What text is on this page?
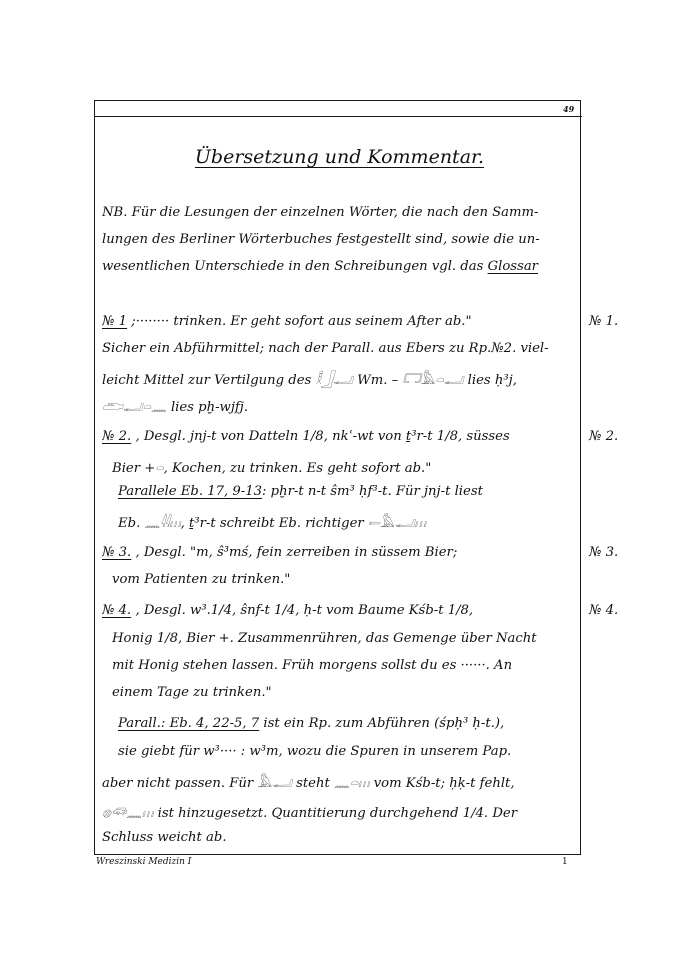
49
Übersetzung und Kommentar.
NB. Für die Lesungen der einzelnen Wörter, die nach den Samm-
lungen des Berliner Wörterbuches festgestellt sind, sowie die un-
wesentlichen Unterschiede in den Schreibungen vgl. das Glossar
№ 1 ;········ trinken. Er geht sofort aus seinem After ab."	№ 1.
Sicher ein Abführmittel; nach der Parall. aus Ebers zu Rp.№2. viel-
leicht Mittel zur Vertilgung des 𓎛𓃀𓂝 Wm. – 𓉐𓅓𓏏𓂝 lies ḥ³j,
𓂧𓂝𓏏𓈖 lies pḫ-wjfj.
№ 2. , Desgl. jnj-t von Datteln 1/8, nkʿ-wt von ṯ³r-t 1/8, süsses	№ 2.
Bier +𓏏, Kochen, zu trinken. Es geht sofort ab."
Parallele Eb. 17, 9-13: pḫr-t n-t ŝm³ ḥf³-t. Für jnj-t liest
Eb. 𓈖𓇋𓇋𓏥, ṯ³r-t schreibt Eb. richtiger 𓍿𓅓𓂝𓏥
№ 3. , Desgl. "m, ŝ³mś, fein zerreiben in süssem Bier;	№ 3.
vom Patienten zu trinken."
№ 4. , Desgl. w³.1/4, ŝnf-t 1/4, ḥ-t vom Baume Kśb-t 1/8,	№ 4.
Honig 1/8, Bier +. Zusammenrühren, das Gemenge über Nacht
mit Honig stehen lassen. Früh morgens sollst du es ······. An
einem Tage zu trinken."
Parall.: Eb. 4, 22-5, 7 ist ein Rp. zum Abführen (śpḥ³ ḥ-t.),
sie giebt für w³···· : w³m, wozu die Spuren in unserem Pap.
aber nicht passen. Für 𓅓𓂝 steht 𓈖𓏏𓏥 vom Kśb-t; ḥḳ-t fehlt,
𓊖𓆛𓈖𓏥 ist hinzugesetzt. Quantitierung durchgehend 1/4. Der
Schluss weicht ab.
Wreszinski Medizin I	1
